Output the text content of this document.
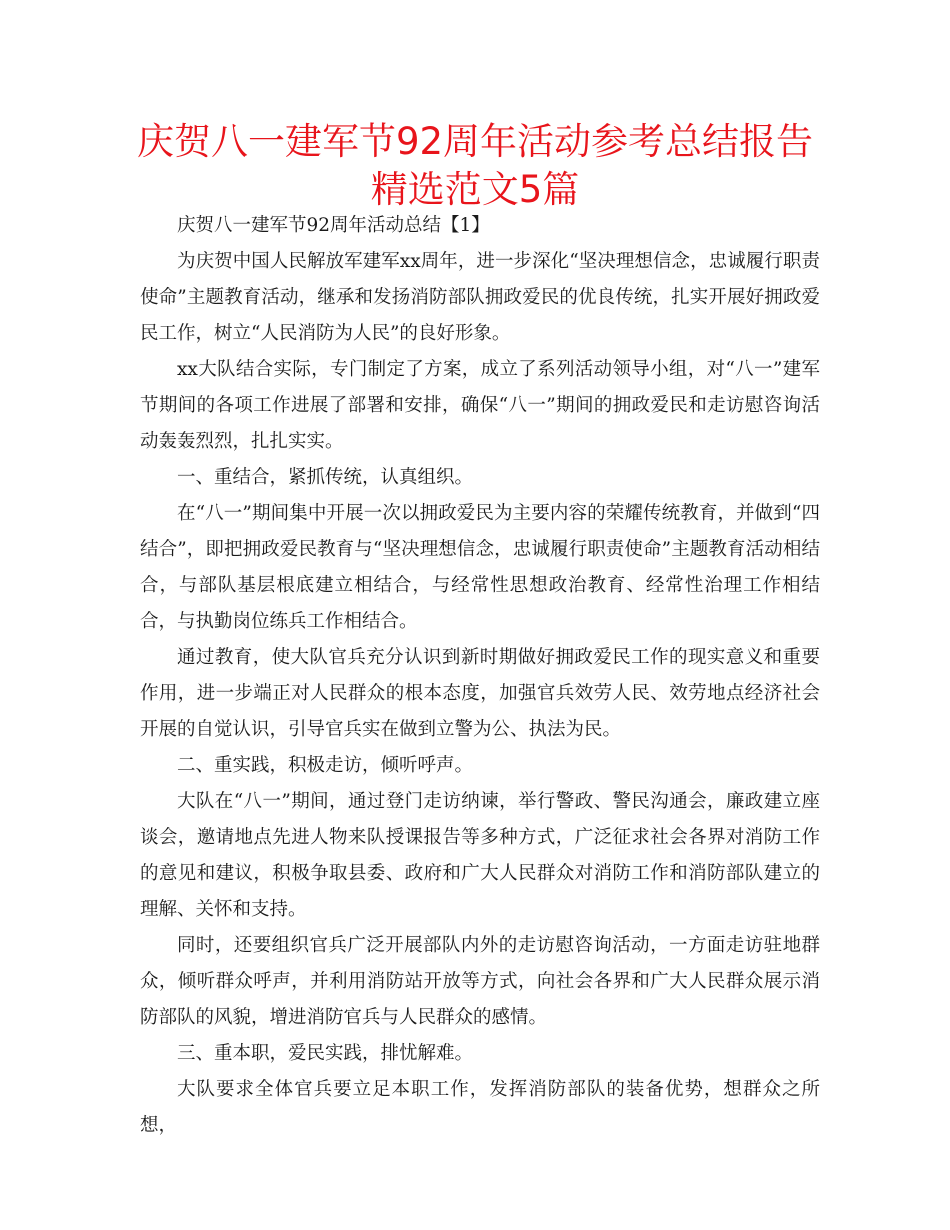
庆贺八一建军节92周年活动参考总结报告精选范文5篇

庆贺八一建军节92周年活动总结【1】

为庆贺中国人民解放军建军xx周年，进一步深化“坚决理想信念，忠诚履行职责使命”主题教育活动，继承和发扬消防部队拥政爱民的优良传统，扎实开展好拥政爱民工作，树立“人民消防为人民”的良好形象。

xx大队结合实际，专门制定了方案，成立了系列活动领导小组，对“八一”建军节期间的各项工作进展了部署和安排，确保“八一”期间的拥政爱民和走访慰咨询活动轰轰烈烈，扎扎实实。

一、重结合，紧抓传统，认真组织。

在“八一”期间集中开展一次以拥政爱民为主要内容的荣耀传统教育，并做到“四结合”，即把拥政爱民教育与“坚决理想信念，忠诚履行职责使命”主题教育活动相结合，与部队基层根底建立相结合，与经常性思想政治教育、经常性治理工作相结合，与执勤岗位练兵工作相结合。

通过教育，使大队官兵充分认识到新时期做好拥政爱民工作的现实意义和重要作用，进一步端正对人民群众的根本态度，加强官兵效劳人民、效劳地点经济社会开展的自觉认识，引导官兵实在做到立警为公、执法为民。

二、重实践，积极走访，倾听呼声。

大队在“八一”期间，通过登门走访纳谏，举行警政、警民沟通会，廉政建立座谈会，邀请地点先进人物来队授课报告等多种方式，广泛征求社会各界对消防工作的意见和建议，积极争取县委、政府和广大人民群众对消防工作和消防部队建立的理解、关怀和支持。

同时，还要组织官兵广泛开展部队内外的走访慰咨询活动，一方面走访驻地群众，倾听群众呼声，并利用消防站开放等方式，向社会各界和广大人民群众展示消防部队的风貌，增进消防官兵与人民群众的感情。

三、重本职，爱民实践，排忧解难。

大队要求全体官兵要立足本职工作，发挥消防部队的装备优势，想群众之所想，
